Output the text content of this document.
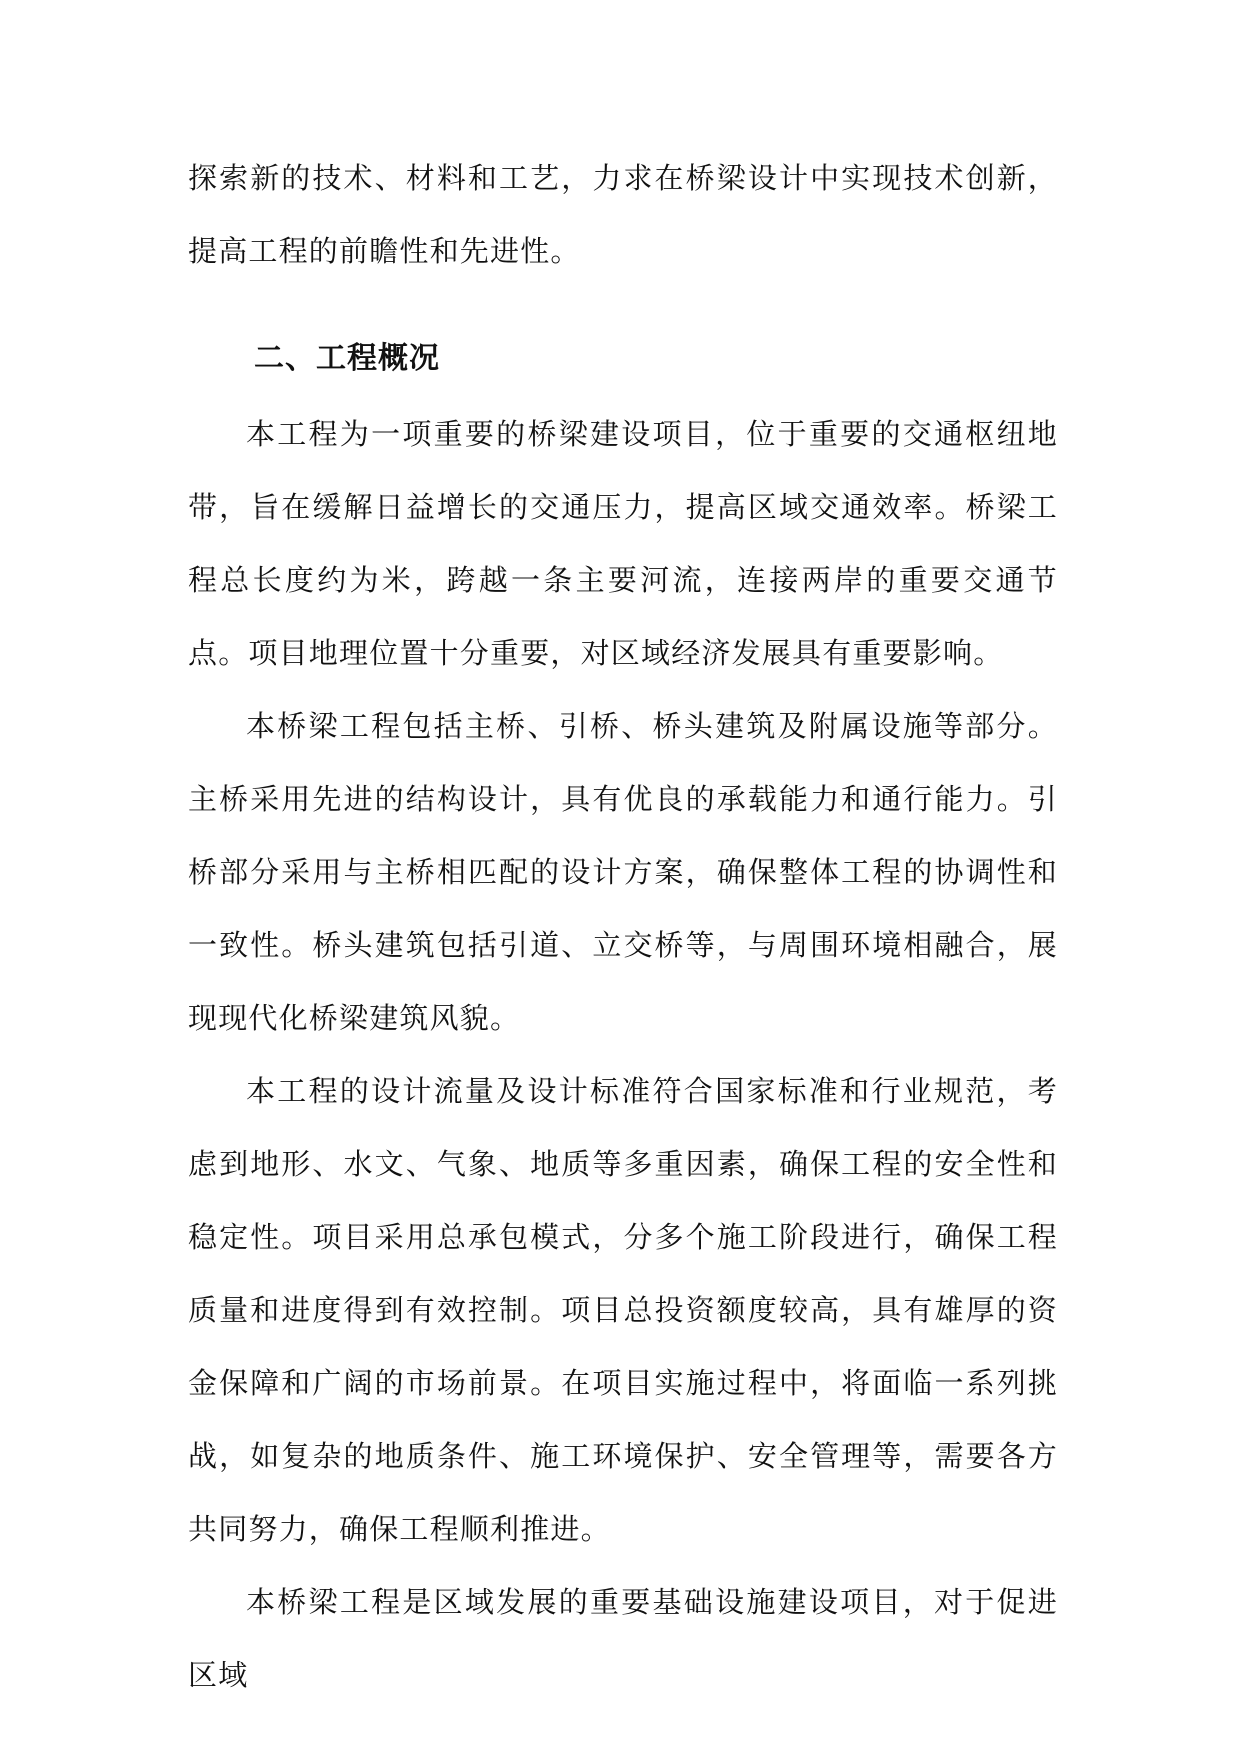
探索新的技术、材料和工艺，力求在桥梁设计中实现技术创新，提高工程的前瞻性和先进性。

二、工程概况

本工程为一项重要的桥梁建设项目，位于重要的交通枢纽地带，旨在缓解日益增长的交通压力，提高区域交通效率。桥梁工程总长度约为米，跨越一条主要河流，连接两岸的重要交通节点。项目地理位置十分重要，对区域经济发展具有重要影响。

本桥梁工程包括主桥、引桥、桥头建筑及附属设施等部分。主桥采用先进的结构设计，具有优良的承载能力和通行能力。引桥部分采用与主桥相匹配的设计方案，确保整体工程的协调性和一致性。桥头建筑包括引道、立交桥等，与周围环境相融合，展现现代化桥梁建筑风貌。

本工程的设计流量及设计标准符合国家标准和行业规范，考虑到地形、水文、气象、地质等多重因素，确保工程的安全性和稳定性。项目采用总承包模式，分多个施工阶段进行，确保工程质量和进度得到有效控制。项目总投资额度较高，具有雄厚的资金保障和广阔的市场前景。在项目实施过程中，将面临一系列挑战，如复杂的地质条件、施工环境保护、安全管理等，需要各方共同努力，确保工程顺利推进。

本桥梁工程是区域发展的重要基础设施建设项目，对于促进区域
